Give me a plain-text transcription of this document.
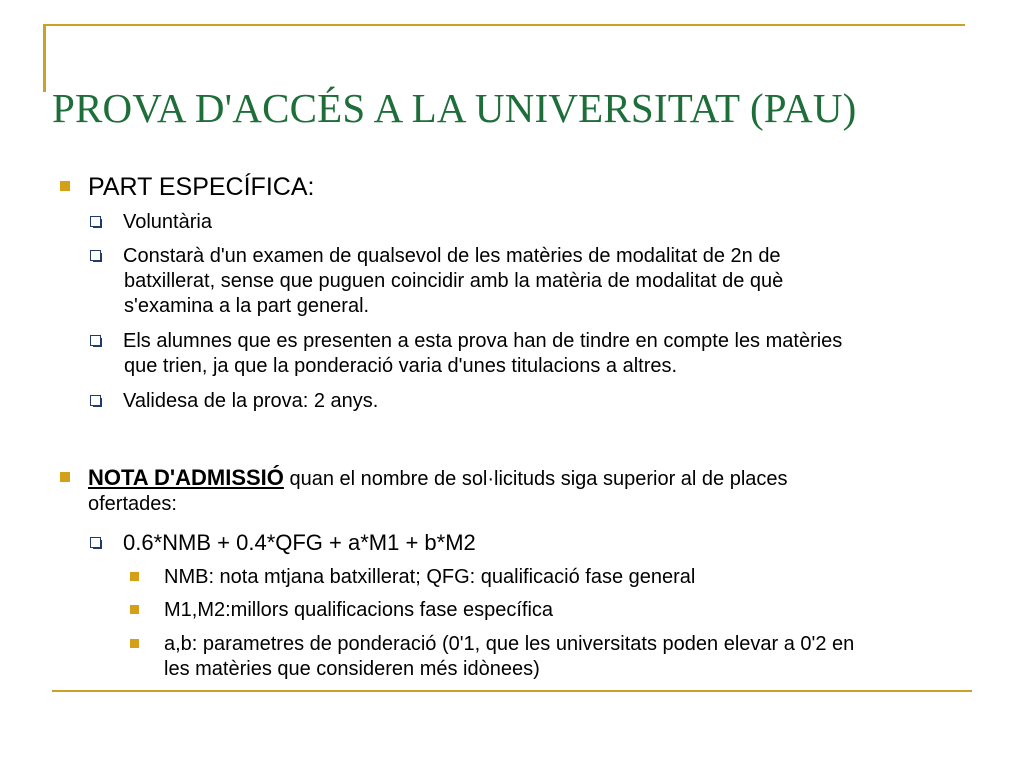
PROVA D'ACCÉS A LA UNIVERSITAT (PAU)
PART ESPECÍFICA:
Voluntària
Constarà d'un examen de qualsevol de les matèries de modalitat de 2n de
batxillerat, sense que puguen coincidir amb la matèria de modalitat de què
s'examina a la part general.
Els alumnes que es presenten a esta prova han de tindre en compte les matèries
que trien, ja que la ponderació varia d'unes titulacions a altres.
Validesa de la prova: 2 anys.
NOTA D'ADMISSIÓ quan el nombre de sol·licituds siga superior al de places
ofertades:
0.6*NMB + 0.4*QFG + a*M1 + b*M2
NMB: nota mtjana batxillerat; QFG: qualificació fase general
M1,M2:millors qualificacions fase específica
a,b: parametres de ponderació (0'1, que les universitats poden elevar a 0'2 en
les matèries que consideren més idònees)
